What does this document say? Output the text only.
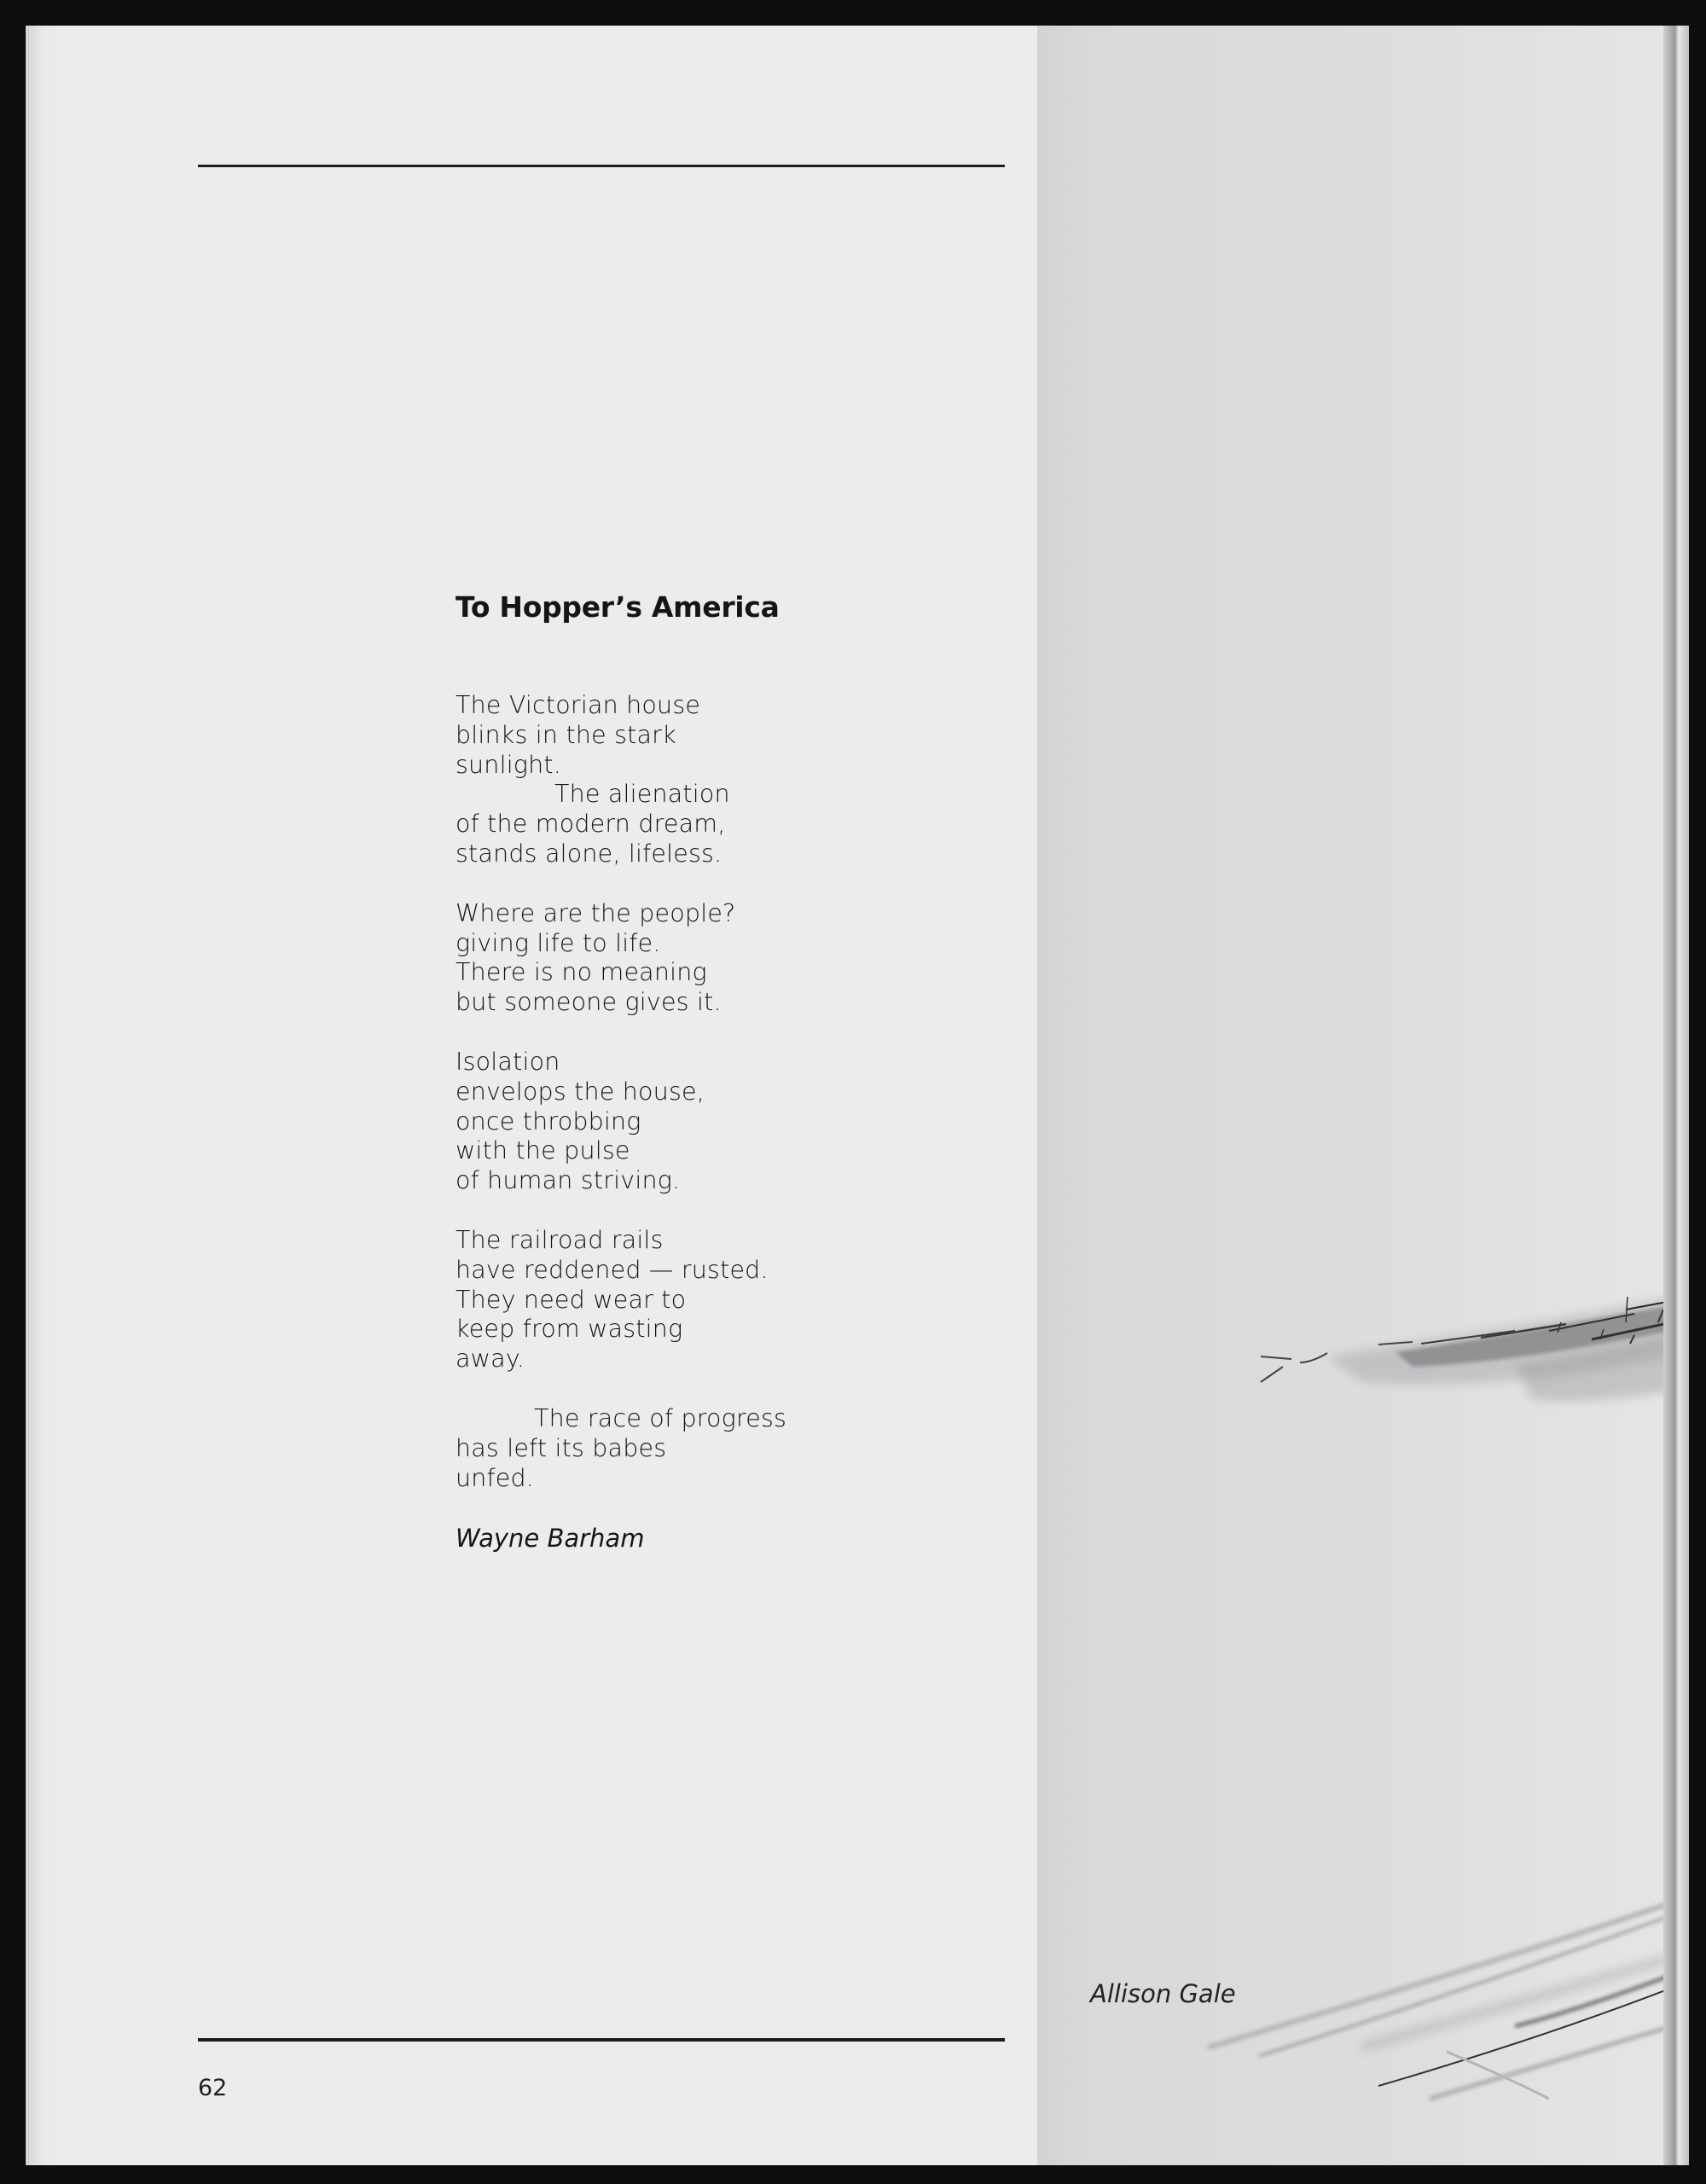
To Hopper’s America
The Victorian house
blinks in the stark
sunlight.
The alienation
of the modern dream,
stands alone, lifeless.
Where are the people?
giving life to life.
There is no meaning
but someone gives it.
Isolation
envelops the house,
once throbbing
with the pulse
of human striving.
The railroad rails
have reddened — rusted.
They need wear to
keep from wasting
away.
The race of progress
has left its babes
unfed.
Wayne Barham
62
Allison Gale
